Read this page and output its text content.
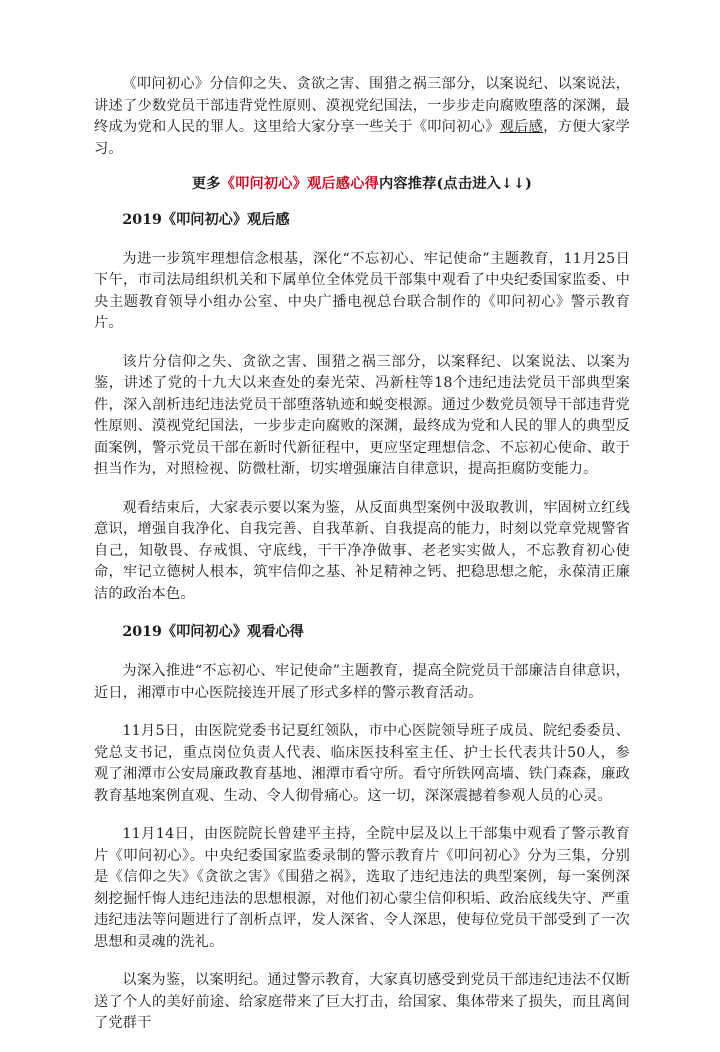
《叩问初心》分信仰之失、贪欲之害、围猎之祸三部分，以案说纪、以案说法，讲述了少数党员干部违背党性原则、漠视党纪国法，一步步走向腐败堕落的深渊，最终成为党和人民的罪人。这里给大家分享一些关于《叩问初心》观后感，方便大家学习。

更多《叩问初心》观后感心得内容推荐(点击进入↓↓)

2019《叩问初心》观后感

为进一步筑牢理想信念根基，深化“不忘初心、牢记使命”主题教育，11月25日下午，市司法局组织机关和下属单位全体党员干部集中观看了中央纪委国家监委、中央主题教育领导小组办公室、中央广播电视总台联合制作的《叩问初心》警示教育片。

该片分信仰之失、贪欲之害、围猎之祸三部分，以案释纪、以案说法、以案为鉴，讲述了党的十九大以来查处的秦光荣、冯新柱等18个违纪违法党员干部典型案件，深入剖析违纪违法党员干部堕落轨迹和蜕变根源。通过少数党员领导干部违背党性原则、漠视党纪国法，一步步走向腐败的深渊，最终成为党和人民的罪人的典型反面案例，警示党员干部在新时代新征程中，更应坚定理想信念、不忘初心使命、敢于担当作为，对照检视、防微杜渐，切实增强廉洁自律意识，提高拒腐防变能力。

观看结束后，大家表示要以案为鉴，从反面典型案例中汲取教训，牢固树立红线意识，增强自我净化、自我完善、自我革新、自我提高的能力，时刻以党章党规警省自己，知敬畏、存戒惧、守底线，干干净净做事、老老实实做人，不忘教育初心使命，牢记立德树人根本，筑牢信仰之基、补足精神之钙、把稳思想之舵，永葆清正廉洁的政治本色。

2019《叩问初心》观看心得

为深入推进“不忘初心、牢记使命”主题教育，提高全院党员干部廉洁自律意识，近日，湘潭市中心医院接连开展了形式多样的警示教育活动。

11月5日，由医院党委书记夏红领队，市中心医院领导班子成员、院纪委委员、党总支书记，重点岗位负责人代表、临床医技科室主任、护士长代表共计50人，参观了湘潭市公安局廉政教育基地、湘潭市看守所。看守所铁网高墙、铁门森森，廉政教育基地案例直观、生动、令人彻骨痛心。这一切，深深震撼着参观人员的心灵。

11月14日，由医院院长曾建平主持，全院中层及以上干部集中观看了警示教育片《叩问初心》。中央纪委国家监委录制的警示教育片《叩问初心》分为三集，分别是《信仰之失》《贪欲之害》《围猎之祸》，选取了违纪违法的典型案例，每一案例深刻挖掘忏悔人违纪违法的思想根源，对他们初心蒙尘信仰积垢、政治底线失守、严重违纪违法等问题进行了剖析点评，发人深省、令人深思，使每位党员干部受到了一次思想和灵魂的洗礼。

以案为鉴，以案明纪。通过警示教育，大家真切感受到党员干部违纪违法不仅断送了个人的美好前途、给家庭带来了巨大打击，给国家、集体带来了损失，而且离间了党群干
